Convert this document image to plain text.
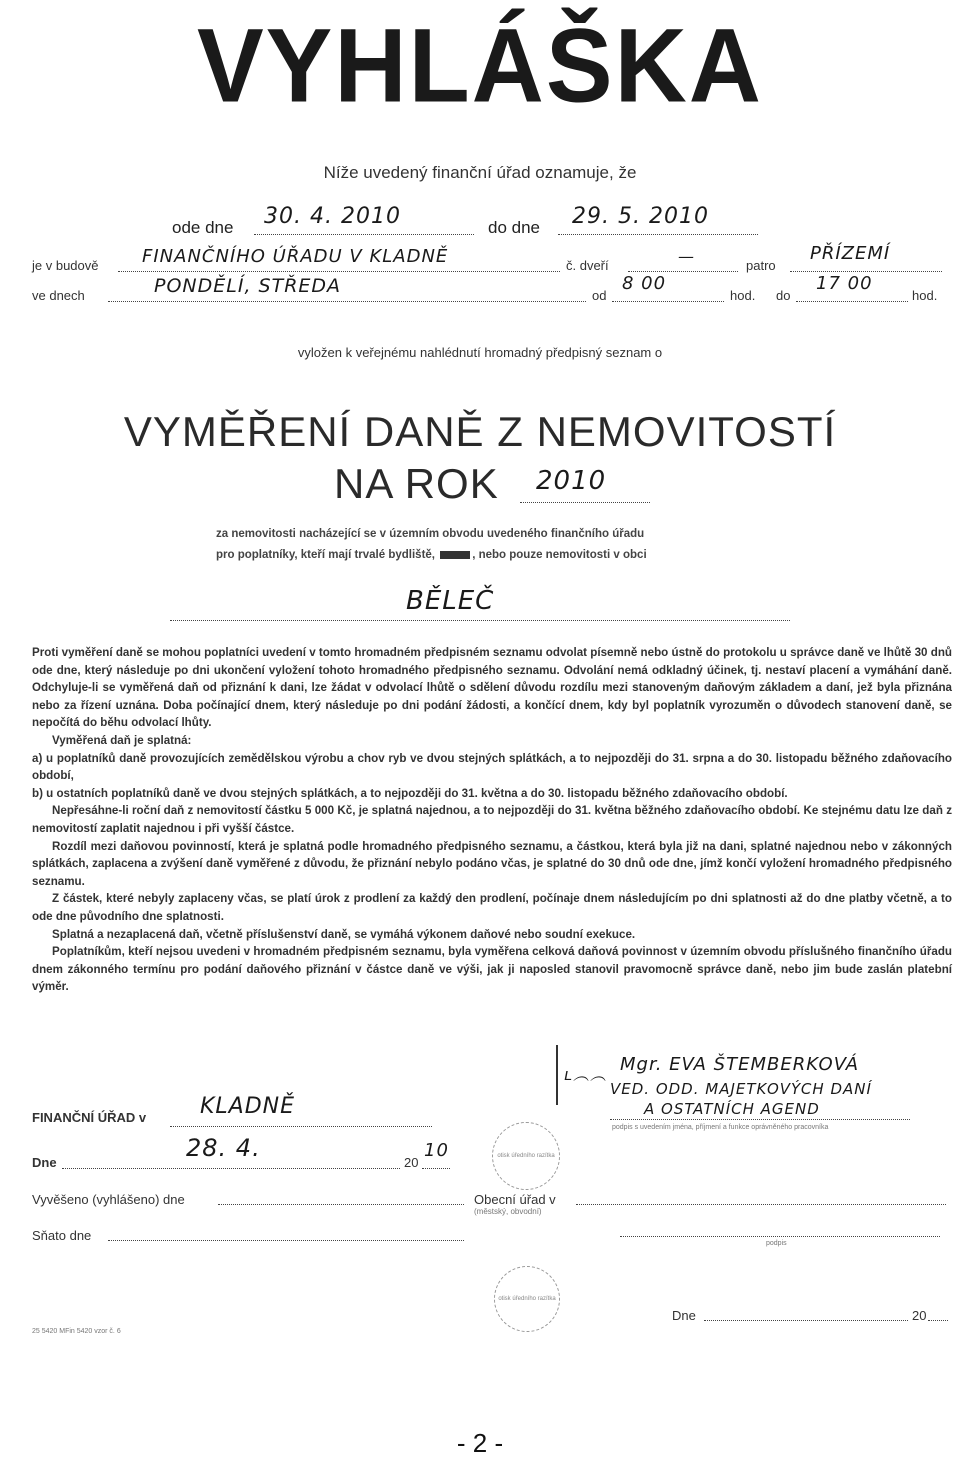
VYHLÁŠKA
Níže uvedený finanční úřad oznamuje, že
ode dne 30. 4. 2010	do dne 29. 5. 2010
je v budově FINANČNÍHO ÚŘADU V KLADNĚ	č. dveří	—	patro
PŘÍZEMÍ
ve dnech	PONDĚLÍ, STŘEDA	od
8 00
hod. do
17 00
hod.
vyložen k veřejnému nahlédnutí hromadný předpisný seznam o
VYMĚŘENÍ DANĚ Z NEMOVITOSTÍ
NA ROK 2010
za nemovitosti nacházející se v územním obvodu uvedeného finančního úřadu
pro poplatníky, kteří mají trvalé bydliště,	, nebo pouze nemovitosti v obci
BĚLEČ

Proti vyměření daně se mohou poplatníci uvedení v tomto hromadném předpisném seznamu odvolat písemně nebo ústně do protokolu u správce daně ve lhůtě 30 dnů ode dne, který následuje po dni ukončení vyložení tohoto hromadného předpisného seznamu. Odvolání nemá odkladný účinek, tj. nestaví placení a vymáhání daně. Odchyluje-li se vyměřená daň od přiznání k dani, lze žádat v odvolací lhůtě o sdělení důvodu rozdílu mezi stanoveným daňovým základem a daní, jež byla přiznána nebo za řízení uznána. Doba počínající dnem, který následuje po dni podání žádosti, a končící dnem, kdy byl poplatník vyrozuměn o důvodech stanovení daně, se nepočítá do běhu odvolací lhůty.

Vyměřená daň je splatná:

a) u poplatníků daně provozujících zemědělskou výrobu a chov ryb ve dvou stejných splátkách, a to nejpozději do 31. srpna a do 30. listopadu běžného zdaňovacího období,

b) u ostatních poplatníků daně ve dvou stejných splátkách, a to nejpozději do 31. května a do 30. listopadu běžného zdaňovacího období.

Nepřesáhne-li roční daň z nemovitostí částku 5 000 Kč, je splatná najednou, a to nejpozději do 31. května běžného zdaňovacího období. Ke stejnému datu lze daň z nemovitostí zaplatit najednou i při vyšší částce.

Rozdíl mezi daňovou povinností, která je splatná podle hromadného předpisného seznamu, a částkou, která byla již na dani, splatné najednou nebo v zákonných splátkách, zaplacena a zvýšení daně vyměřené z důvodu, že přiznání nebylo podáno včas, je splatné do 30 dnů ode dne, jímž končí vyložení hromadného předpisného seznamu.

Z částek, které nebyly zaplaceny včas, se platí úrok z prodlení za každý den prodlení, počínaje dnem následujícím po dni splatnosti až do dne platby včetně, a to ode dne původního dne splatnosti.

Splatná a nezaplacená daň, včetně příslušenství daně, se vymáhá výkonem daňové nebo soudní exekuce.

Poplatníkům, kteří nejsou uvedeni v hromadném předpisném seznamu, byla vyměřena celková daňová povinnost v územním obvodu příslušného finančního úřadu dnem zákonného termínu pro podání daňového přiznání v částce daně ve výši, jak ji naposled stanovil pravomocně správce daně, nebo jim bude zaslán platební výměr.

ʟ︵︵ Mgr. EVA ŠTEMBERKOVÁ
VED. ODD. MAJETKOVÝCH DANÍ
A OSTATNÍCH AGEND
podpis s uvedením jména, příjmení a funkce oprávněného pracovníka
FINANČNÍ ÚŘAD v KLADNĚ
otisk úředního razítka
Dne
28. 4.
20
10
Vyvěšeno (vyhlášeno) dne	Obecní úřad v
(městský, obvodní)
Sňato dne
podpis
otisk úředního razítka
Dne	20
25 5420 MFin 5420 vzor č. 6
- 2 -
